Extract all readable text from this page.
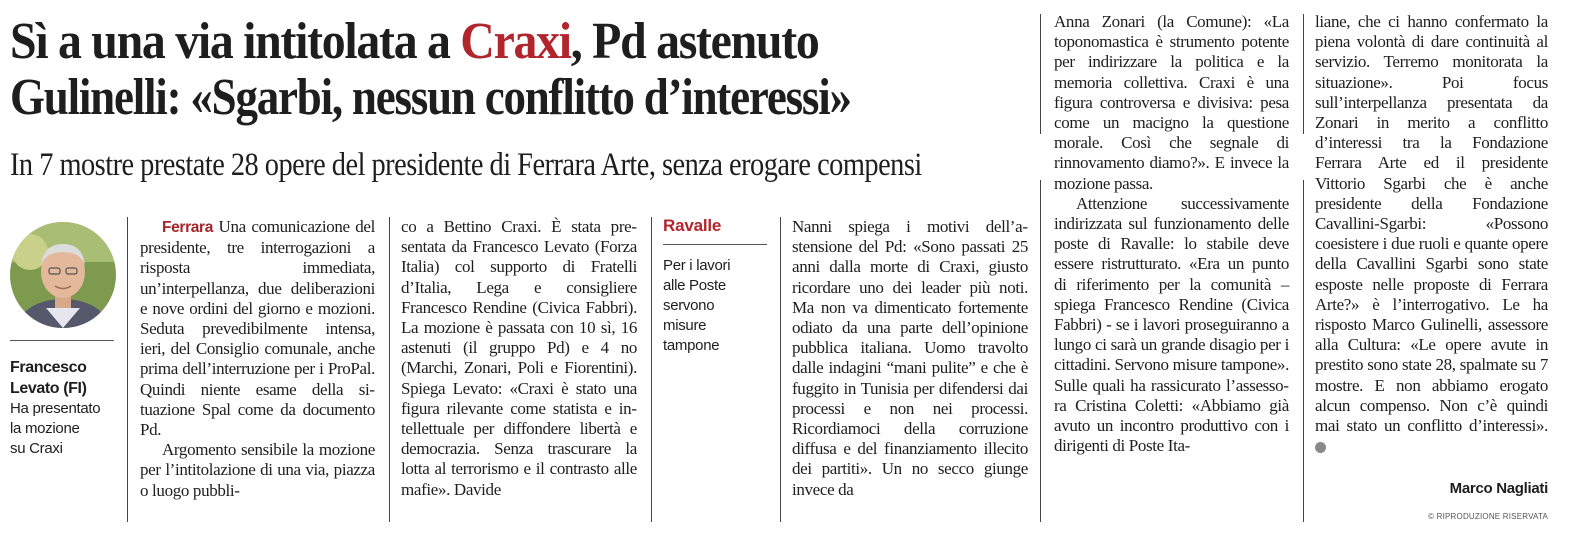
Sì a una via intitolata a Craxi, Pd astenuto
Gulinelli: «Sgarbi, nessun conflitto d’interessi»
In 7 mostre prestate 28 opere del presidente di Ferrara Arte, senza erogare compensi
Francesco
Levato (FI)
Ha presentato
la mozione
su Craxi

Ferrara Una comunicazione del presidente, tre interrogazioni a risposta immediata, un’interpellanza, due deliberazioni e nove ordini del giorno e mozioni. Seduta prevedibilmente intensa, ieri, del Consiglio comunale, anche prima dell’interruzione per i ProPal. Quindi niente esame della situazione Spal come da documento Pd.

Argomento sensibile la mozione per l’intitolazione di una via, piazza o luogo pubbli-

co a Bettino Craxi. È stata presentata da Francesco Levato (Forza Italia) col supporto di Fratelli d’Italia, Lega e consigliere Francesco Rendine (Civica Fabbri). La mozione è passata con 10 sì, 16 astenuti (il gruppo Pd) e 4 no (Marchi, Zonari, Poli e Fiorentini). Spiega Levato: «Craxi è stato una figura rilevante come statista e intellettuale per diffondere libertà e democrazia. Senza trascurare la lotta al terrorismo e il contrasto alle mafie». Davide

Ravalle
Per i lavori
alle Poste
servono
misure
tampone

Nanni spiega i motivi dell’astensione del Pd: «Sono passati 25 anni dalla morte di Craxi, giusto ricordare uno dei leader più noti. Ma non va dimenticato fortemente odiato da una parte dell’opinione pubblica italiana. Uomo travolto dalle indagini “mani pulite” e che è fuggito in Tunisia per difendersi dai processi e non nei processi. Ricordiamoci della corruzione diffusa e del finanziamento illecito dei partiti». Un no secco giunge invece da

Anna Zonari (la Comune): «La toponomastica è strumento potente per indirizzare la politica e la memoria collettiva. Craxi è una figura controversa e divisiva: pesa come un macigno la questione morale. Così che segnale di rinnovamento diamo?». E invece la mozione passa.

Attenzione successivamente indirizzata sul funzionamento delle poste di Ravalle: lo stabile deve essere ristrutturato. «Era un punto di riferimento per la comunità – spiega Francesco Rendine (Civica Fabbri) - se i lavori proseguiranno a lungo ci sarà un grande disagio per i cittadini. Servono misure tampone». Sulle quali ha rassicurato l’assessora Cristina Coletti: «Abbiamo già avuto un incontro produttivo con i dirigenti di Poste Ita-

liane, che ci hanno confermato la piena volontà di dare continuità al servizio. Terremo monitorata la situazione». Poi focus sull’interpellanza presentata da Zonari in merito a conflitto d’interessi tra la Fondazione Ferrara Arte ed il presidente Vittorio Sgarbi che è anche presidente della Fondazione Cavallini-Sgarbi: «Possono coesistere i due ruoli e quante opere della Cavallini Sgarbi sono state esposte nelle proposte di Ferrara Arte?» è l’interrogativo. Le ha risposto Marco Gulinelli, assessore alla Cultura: «Le opere avute in prestito sono state 28, spalmate su 7 mostre. E non abbiamo erogato alcun compenso. Non c’è quindi mai stato un conflitto d’interessi».

Marco Nagliati
© RIPRODUZIONE RISERVATA
